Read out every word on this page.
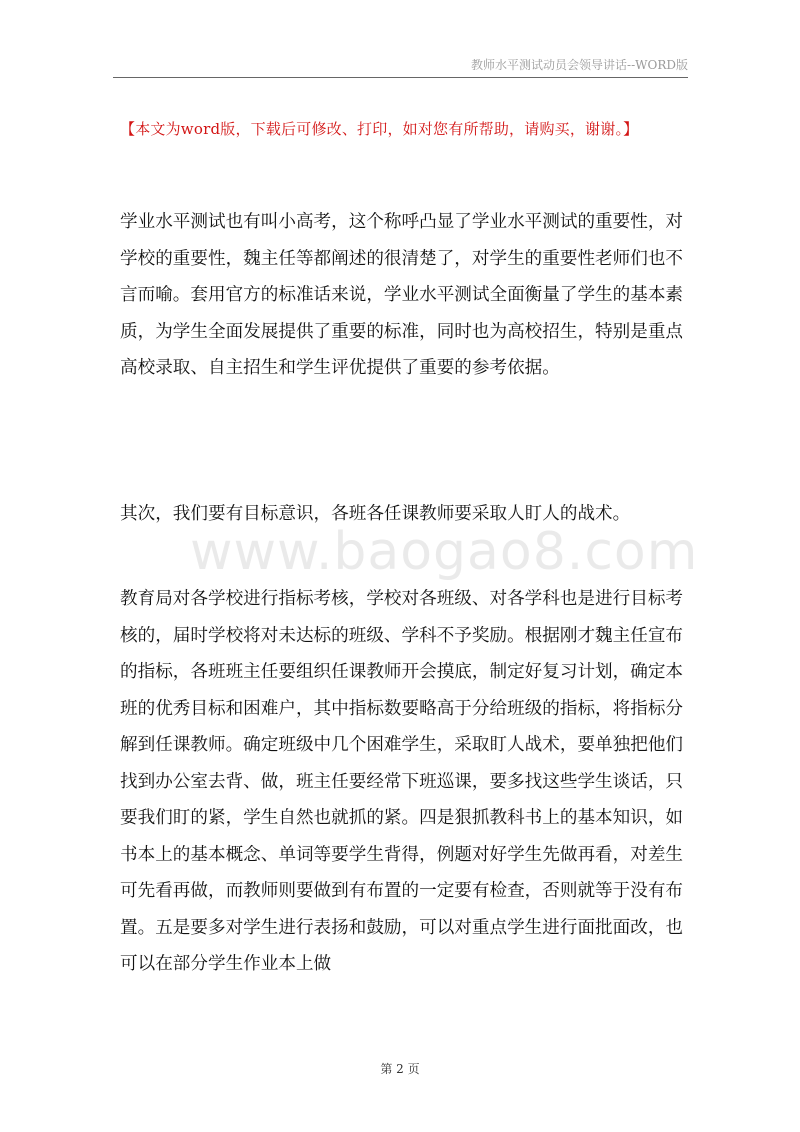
教师水平测试动员会领导讲话--WORD版
【本文为word版，下载后可修改、打印，如对您有所帮助，请购买，谢谢。】

学业水平测试也有叫小高考，这个称呼凸显了学业水平测试的重要性，对学校的重要性，魏主任等都阐述的很清楚了，对学生的重要性老师们也不言而喻。套用官方的标准话来说，学业水平测试全面衡量了学生的基本素质，为学生全面发展提供了重要的标准，同时也为高校招生，特别是重点高校录取、自主招生和学生评优提供了重要的参考依据。

其次，我们要有目标意识，各班各任课教师要采取人盯人的战术。

www.baogao8.com

教育局对各学校进行指标考核，学校对各班级、对各学科也是进行目标考核的，届时学校将对未达标的班级、学科不予奖励。根据刚才魏主任宣布的指标，各班班主任要组织任课教师开会摸底，制定好复习计划，确定本班的优秀目标和困难户，其中指标数要略高于分给班级的指标，将指标分解到任课教师。确定班级中几个困难学生，采取盯人战术，要单独把他们找到办公室去背、做，班主任要经常下班巡课，要多找这些学生谈话，只要我们盯的紧，学生自然也就抓的紧。四是狠抓教科书上的基本知识，如书本上的基本概念、单词等要学生背得，例题对好学生先做再看，对差生可先看再做，而教师则要做到有布置的一定要有检查，否则就等于没有布置。五是要多对学生进行表扬和鼓励，可以对重点学生进行面批面改，也可以在部分学生作业本上做

第 2 页
